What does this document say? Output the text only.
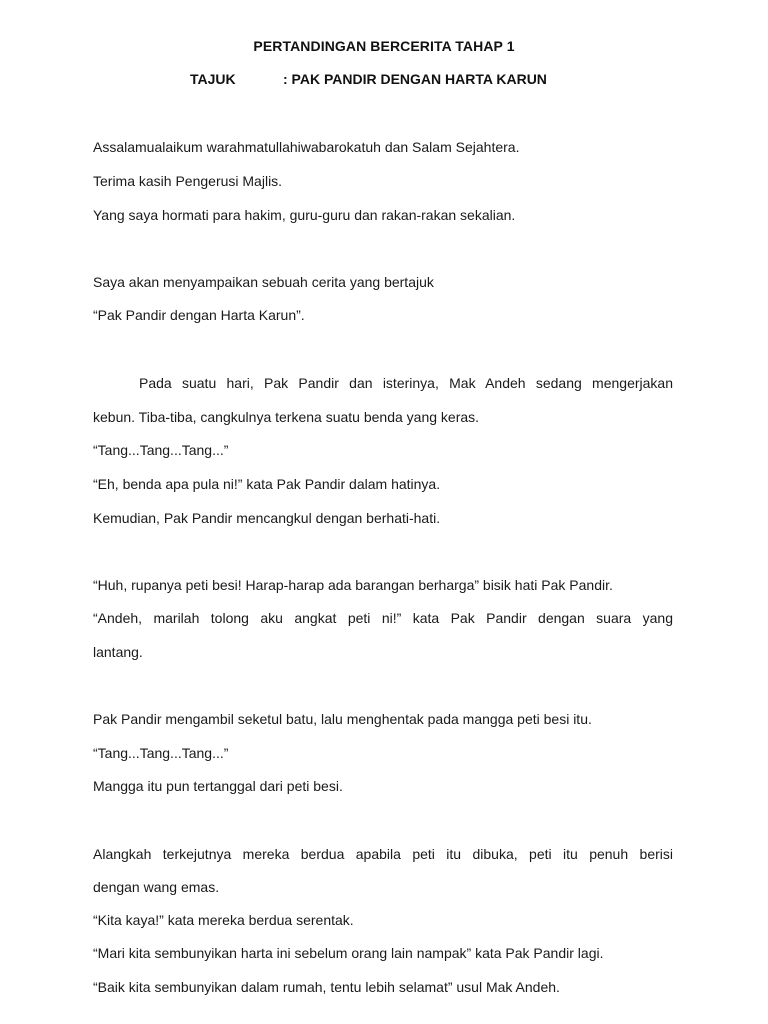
PERTANDINGAN BERCERITA TAHAP 1
TAJUK	: PAK PANDIR DENGAN HARTA KARUN
Assalamualaikum warahmatullahiwabarokatuh dan Salam Sejahtera.
Terima kasih Pengerusi Majlis.
Yang saya hormati para hakim, guru-guru dan rakan-rakan sekalian.
Saya akan menyampaikan sebuah cerita yang bertajuk
“Pak Pandir dengan Harta Karun”.
Pada suatu hari, Pak Pandir dan isterinya, Mak Andeh sedang mengerjakan
kebun. Tiba-tiba, cangkulnya terkena suatu benda yang keras.
“Tang...Tang...Tang...”
“Eh, benda apa pula ni!” kata Pak Pandir dalam hatinya.
Kemudian, Pak Pandir mencangkul dengan berhati-hati.
“Huh, rupanya peti besi! Harap-harap ada barangan berharga” bisik hati Pak Pandir.
“Andeh, marilah tolong aku angkat peti ni!” kata Pak Pandir dengan suara yang
lantang.
Pak Pandir mengambil seketul batu, lalu menghentak pada mangga peti besi itu.
“Tang...Tang...Tang...”
Mangga itu pun tertanggal dari peti besi.
Alangkah terkejutnya mereka berdua apabila peti itu dibuka, peti itu penuh berisi
dengan wang emas.
“Kita kaya!” kata mereka berdua serentak.
“Mari kita sembunyikan harta ini sebelum orang lain nampak” kata Pak Pandir lagi.
“Baik kita sembunyikan dalam rumah, tentu lebih selamat” usul Mak Andeh.
